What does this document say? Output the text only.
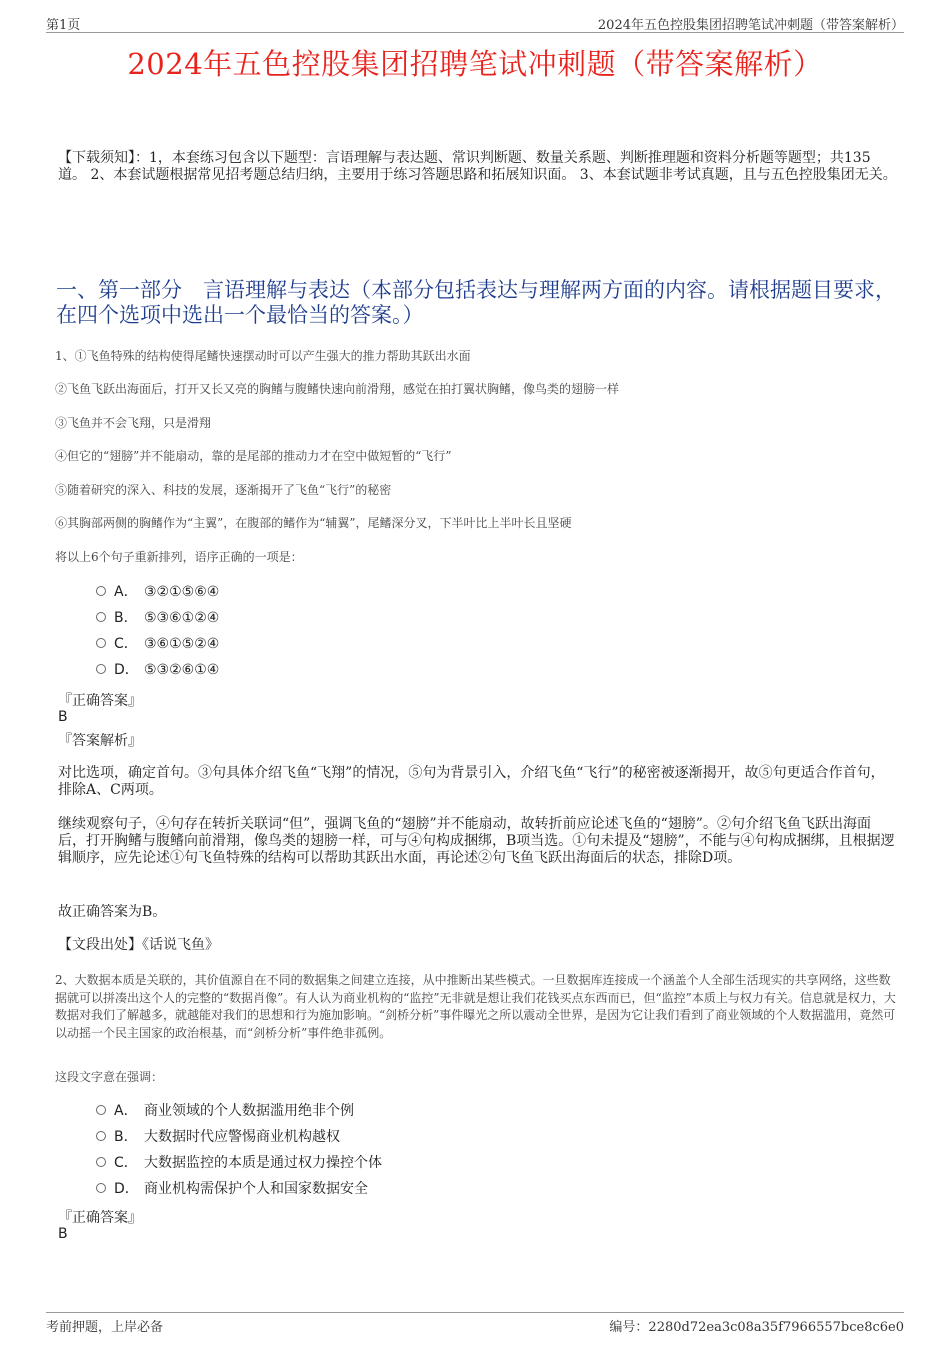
第1页	2024年五色控股集团招聘笔试冲刺题（带答案解析）
2024年五色控股集团招聘笔试冲刺题（带答案解析）
【下载须知】：1，本套练习包含以下题型：言语理解与表达题、常识判断题、数量关系题、判断推理题和资料分析题等题型；共135道。 2、本套试题根据常见招考题总结归纳，主要用于练习答题思路和拓展知识面。 3、本套试题非考试真题，且与五色控股集团无关。
一、第一部分　言语理解与表达（本部分包括表达与理解两方面的内容。请根据题目要求，在四个选项中选出一个最恰当的答案。）
1、①飞鱼特殊的结构使得尾鳍快速摆动时可以产生强大的推力帮助其跃出水面
②飞鱼飞跃出海面后，打开又长又亮的胸鳍与腹鳍快速向前滑翔，感觉在拍打翼状胸鳍，像鸟类的翅膀一样
③飞鱼并不会飞翔，只是滑翔
④但它的“翅膀”并不能扇动，靠的是尾部的推动力才在空中做短暂的“飞行”
⑤随着研究的深入、科技的发展，逐渐揭开了飞鱼“飞行”的秘密
⑥其胸部两侧的胸鳍作为“主翼”，在腹部的鳍作为“辅翼”，尾鳍深分叉，下半叶比上半叶长且坚硬
将以上6个句子重新排列，语序正确的一项是：
A． ③②①⑤⑥④
B． ⑤③⑥①②④
C． ③⑥①⑤②④
D． ⑤③②⑥①④
『正确答案』
B
『答案解析』
对比选项，确定首句。③句具体介绍飞鱼“飞翔”的情况，⑤句为背景引入，介绍飞鱼“飞行”的秘密被逐渐揭开，故⑤句更适合作首句，排除A、C两项。
继续观察句子，④句存在转折关联词“但”，强调飞鱼的“翅膀”并不能扇动，故转折前应论述飞鱼的“翅膀”。②句介绍飞鱼飞跃出海面后，打开胸鳍与腹鳍向前滑翔，像鸟类的翅膀一样，可与④句构成捆绑，B项当选。①句未提及“翅膀”，不能与④句构成捆绑，且根据逻辑顺序，应先论述①句飞鱼特殊的结构可以帮助其跃出水面，再论述②句飞鱼飞跃出海面后的状态，排除D项。
故正确答案为B。
【文段出处】《话说飞鱼》
2、大数据本质是关联的，其价值源自在不同的数据集之间建立连接，从中推断出某些模式。一旦数据库连接成一个涵盖个人全部生活现实的共享网络，这些数据就可以拼凑出这个人的完整的“数据肖像”。有人认为商业机构的“监控”无非就是想让我们花钱买点东西而已，但“监控”本质上与权力有关。信息就是权力，大数据对我们了解越多，就越能对我们的思想和行为施加影响。“剑桥分析”事件曝光之所以震动全世界，是因为它让我们看到了商业领域的个人数据滥用，竟然可以动摇一个民主国家的政治根基，而“剑桥分析”事件绝非孤例。
这段文字意在强调：
A． 商业领域的个人数据滥用绝非个例
B． 大数据时代应警惕商业机构越权
C． 大数据监控的本质是通过权力操控个体
D． 商业机构需保护个人和国家数据安全
『正确答案』
B
考前押题，上岸必备	编号：2280d72ea3c08a35f7966557bce8c6e0
